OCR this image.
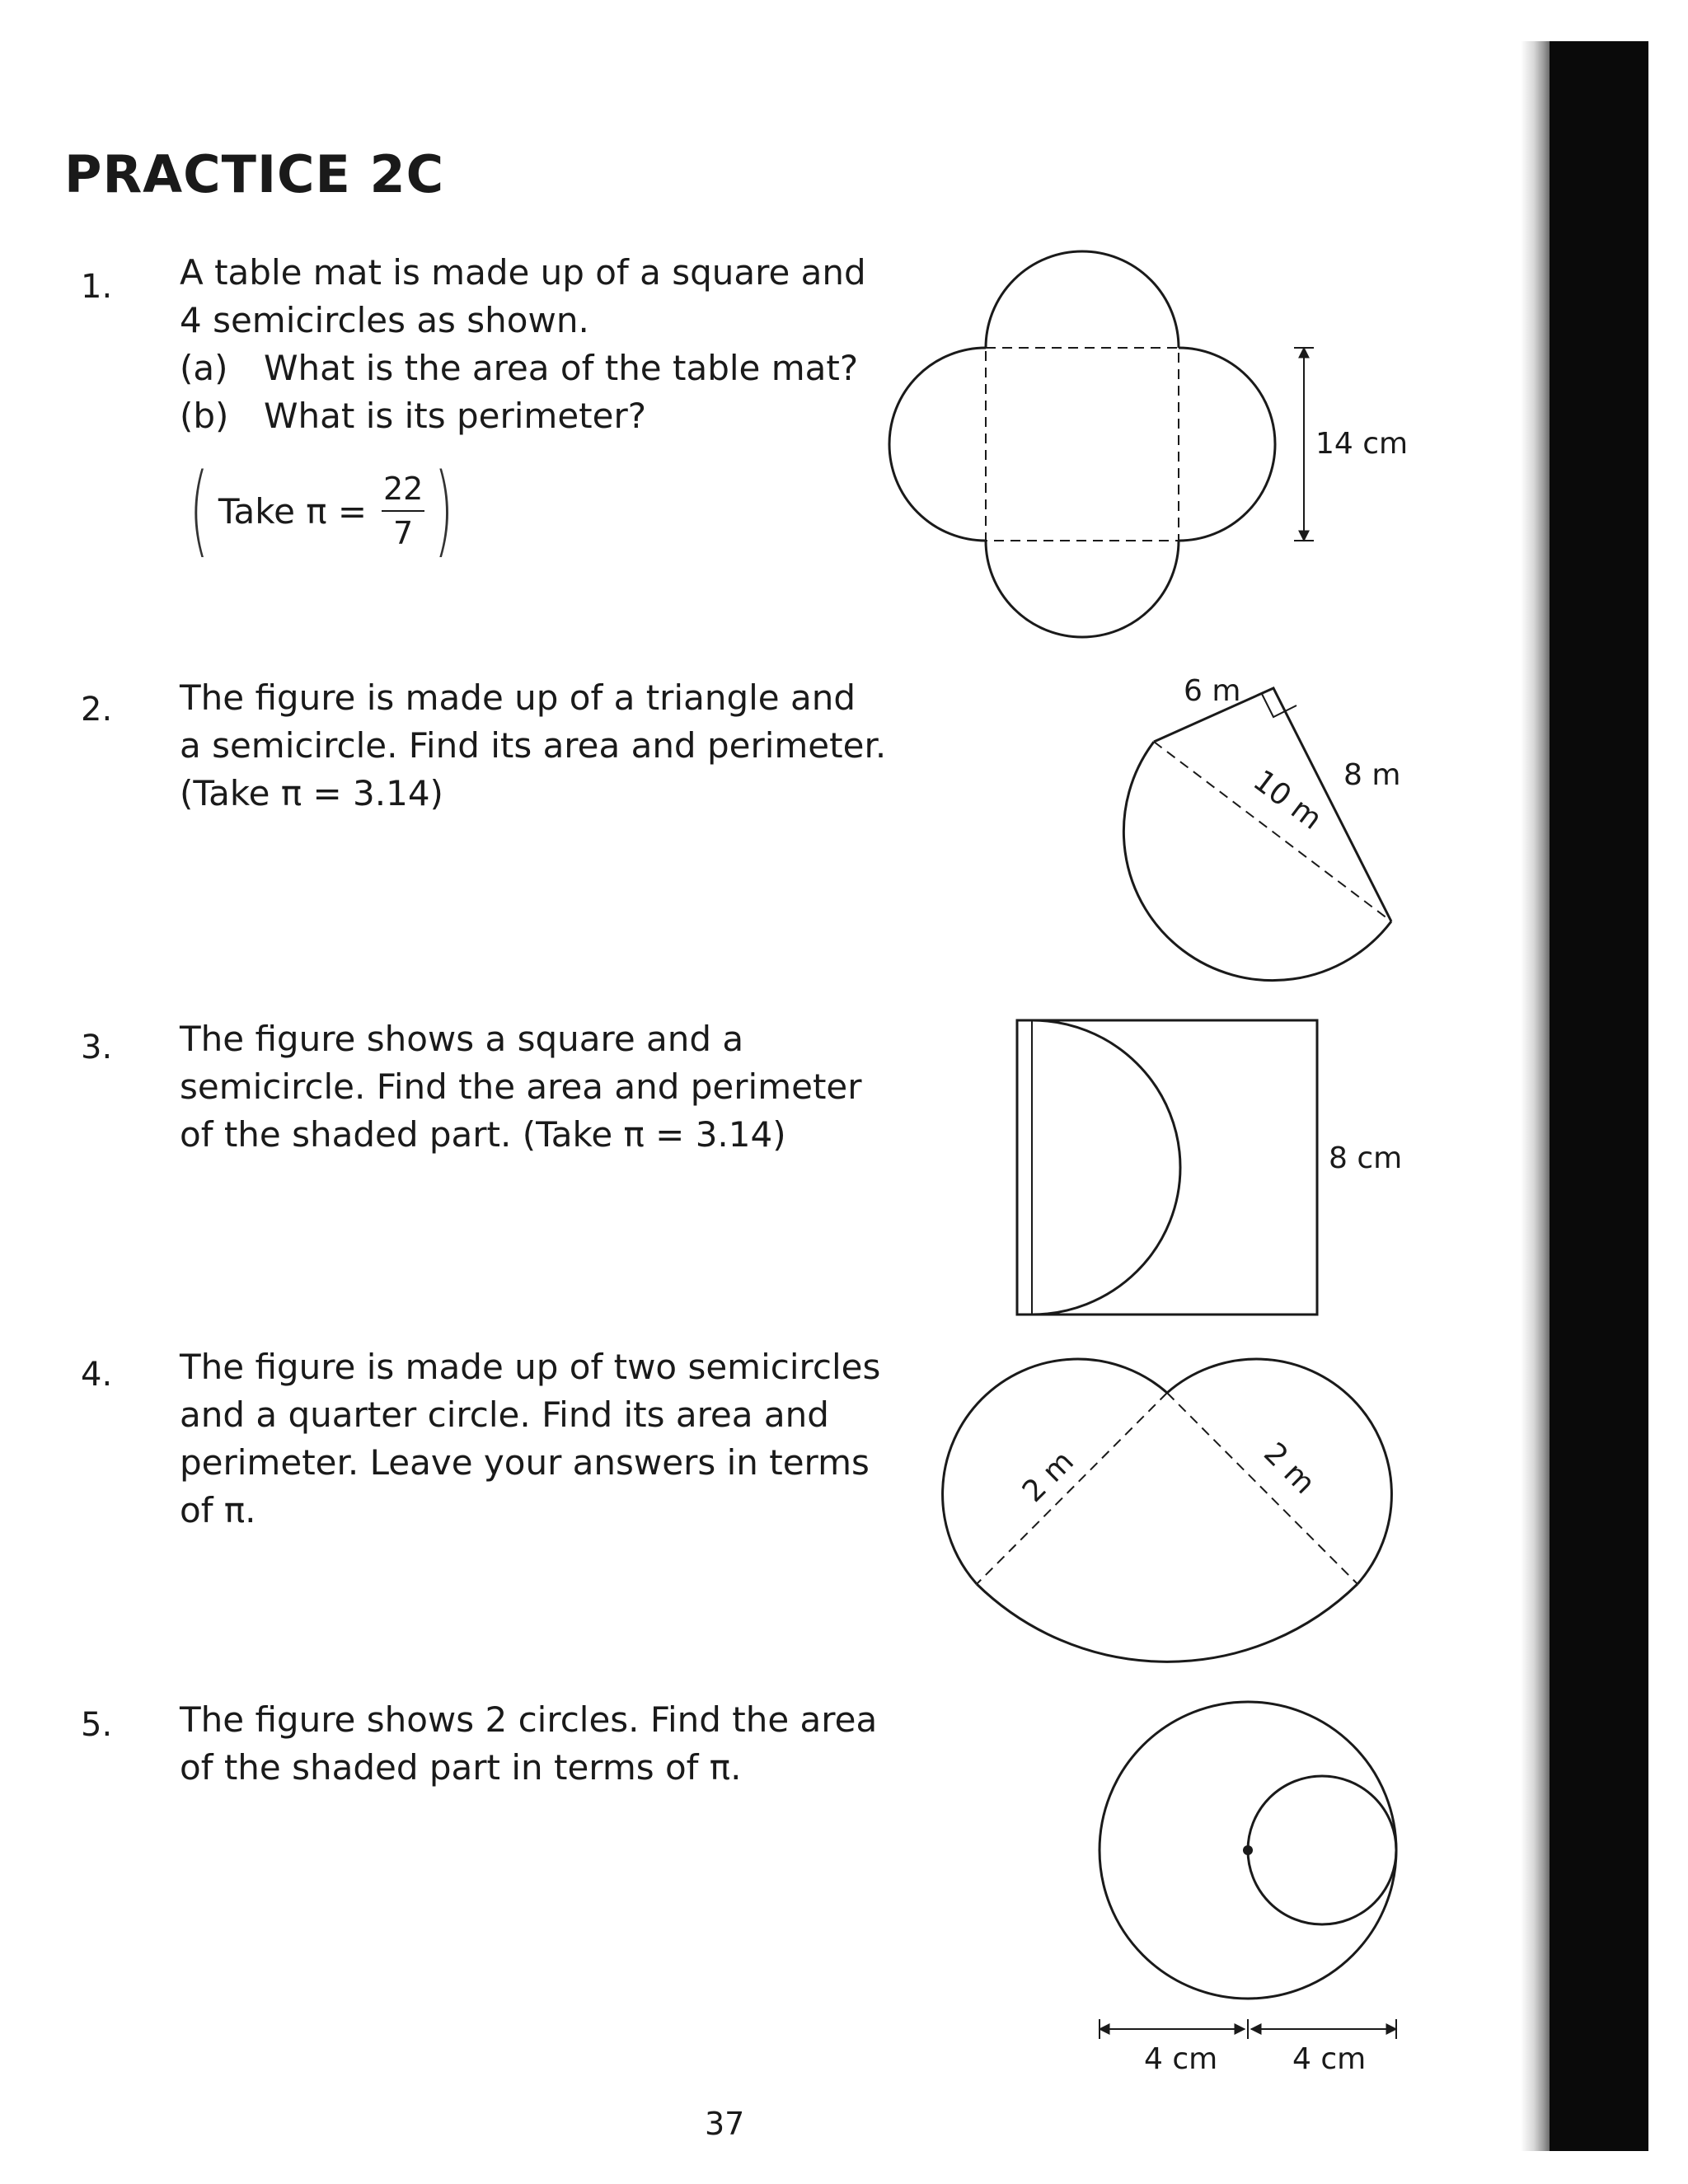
PRACTICE 2C
1. A table mat is made up of a square and
4 semicircles as shown.
(a) What is the area of the table mat?
(b) What is its perimeter?
( Take $\pi = \frac{22}{7}$ )
2. The figure is made up of a triangle and
a semicircle. Find its area and perimeter.
(Take π = 3.14)
3. The figure shows a square and a
semicircle. Find the area and perimeter
of the shaded part. (Take π = 3.14)
4. The figure is made up of two semicircles
and a quarter circle. Find its area and
perimeter. Leave your answers in terms
of π.
5. The figure shows 2 circles. Find the area
of the shaded part in terms of π.
10 m
2 m	2 m
14 cm
6 m
8 m
8 cm
4 cm	4 cm
37
